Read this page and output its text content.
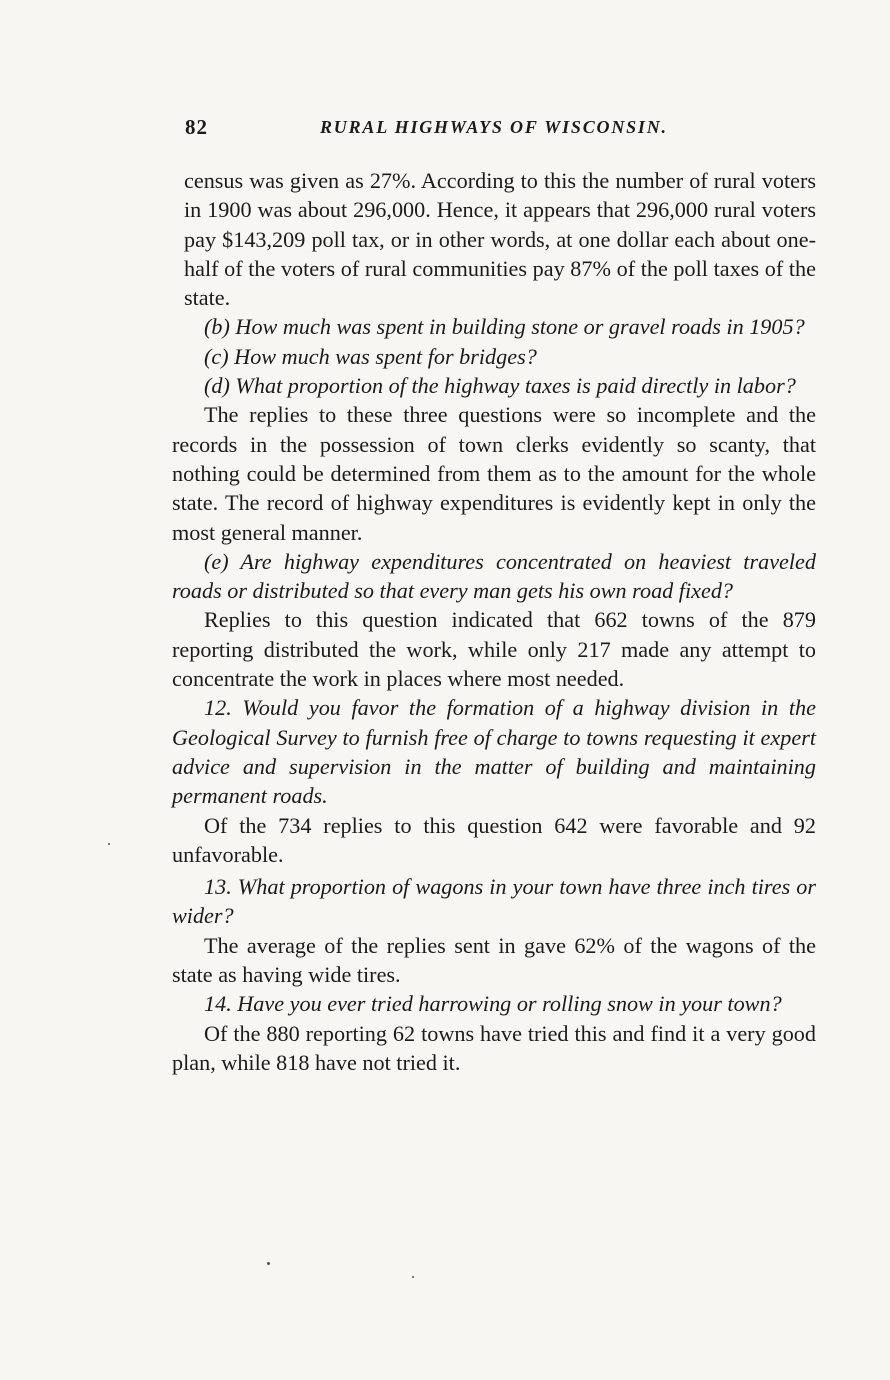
82	RURAL HIGHWAYS OF WISCONSIN.

census was given as 27%. According to this the number of rural voters in 1900 was about 296,000. Hence, it appears that 296,000 rural voters pay $143,209 poll tax, or in other words, at one dollar each about one-half of the voters of rural communities pay 87% of the poll taxes of the state.

(b) How much was spent in building stone or gravel roads in 1905?

(c) How much was spent for bridges?

(d) What proportion of the highway taxes is paid directly in labor?

The replies to these three questions were so incomplete and the records in the possession of town clerks evidently so scanty, that nothing could be determined from them as to the amount for the whole state. The record of highway expenditures is evidently kept in only the most general manner.

(e) Are highway expenditures concentrated on heaviest traveled roads or distributed so that every man gets his own road fixed?

Replies to this question indicated that 662 towns of the 879 reporting distributed the work, while only 217 made any attempt to concentrate the work in places where most needed.

12. Would you favor the formation of a highway division in the Geological Survey to furnish free of charge to towns requesting it expert advice and supervision in the matter of building and maintaining permanent roads.

Of the 734 replies to this question 642 were favorable and 92 unfavorable.

13. What proportion of wagons in your town have three inch tires or wider?

The average of the replies sent in gave 62% of the wagons of the state as having wide tires.

14. Have you ever tried harrowing or rolling snow in your town?

Of the 880 reporting 62 towns have tried this and find it a very good plan, while 818 have not tried it.
